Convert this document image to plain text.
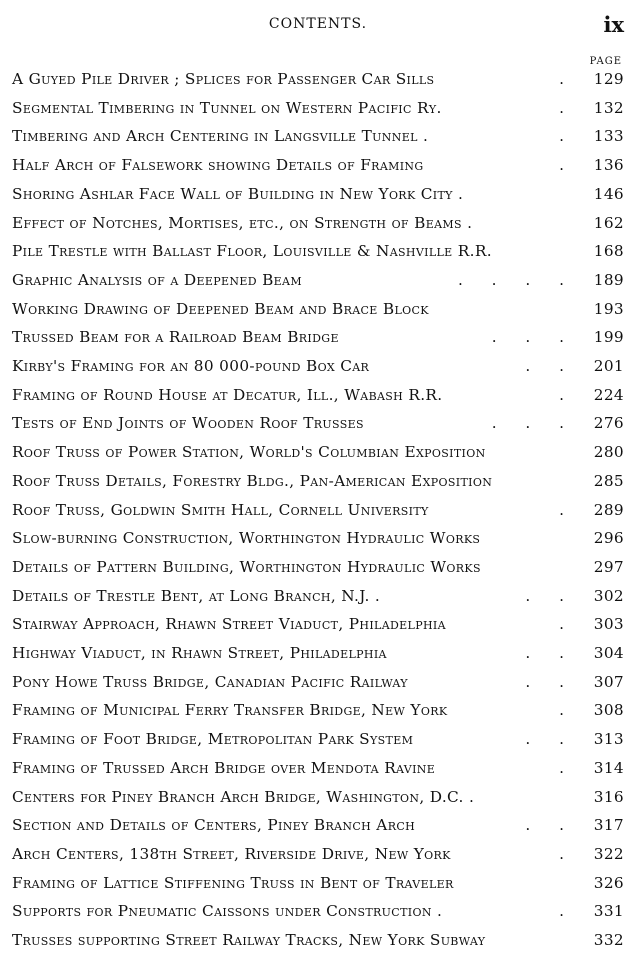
CONTENTS.	ix
PAGE
A Guyed Pile Driver ; Splices for Passenger Car Sills	. 129
Segmental Timbering in Tunnel on Western Pacific Ry.	. 132
Timbering and Arch Centering in Langsville Tunnel .	. 133
Half Arch of Falsework showing Details of Framing	. 136
Shoring Ashlar Face Wall of Building in New York City .	146
Effect of Notches, Mortises, etc., on Strength of Beams .	162
Pile Trestle with Ballast Floor, Louisville & Nashville R.R.	168
Graphic Analysis of a Deepened Beam	. . . . 189
Working Drawing of Deepened Beam and Brace Block	193
Trussed Beam for a Railroad Beam Bridge	. . . 199
Kirby's Framing for an 80 000-pound Box Car	. . 201
Framing of Round House at Decatur, Ill., Wabash R.R.	. 224
Tests of End Joints of Wooden Roof Trusses	. . . 276
Roof Truss of Power Station, World's Columbian Exposition	280
Roof Truss Details, Forestry Bldg., Pan-American Exposition	285
Roof Truss, Goldwin Smith Hall, Cornell University	. 289
Slow-burning Construction, Worthington Hydraulic Works	296
Details of Pattern Building, Worthington Hydraulic Works	297
Details of Trestle Bent, at Long Branch, N.J. .	. . 302
Stairway Approach, Rhawn Street Viaduct, Philadelphia	. 303
Highway Viaduct, in Rhawn Street, Philadelphia	. . 304
Pony Howe Truss Bridge, Canadian Pacific Railway	. . 307
Framing of Municipal Ferry Transfer Bridge, New York	. 308
Framing of Foot Bridge, Metropolitan Park System	. . 313
Framing of Trussed Arch Bridge over Mendota Ravine	. 314
Centers for Piney Branch Arch Bridge, Washington, D.C. .	316
Section and Details of Centers, Piney Branch Arch	. . 317
Arch Centers, 138th Street, Riverside Drive, New York	. 322
Framing of Lattice Stiffening Truss in Bent of Traveler	326
Supports for Pneumatic Caissons under Construction .	. 331
Trusses supporting Street Railway Tracks, New York Subway	332
